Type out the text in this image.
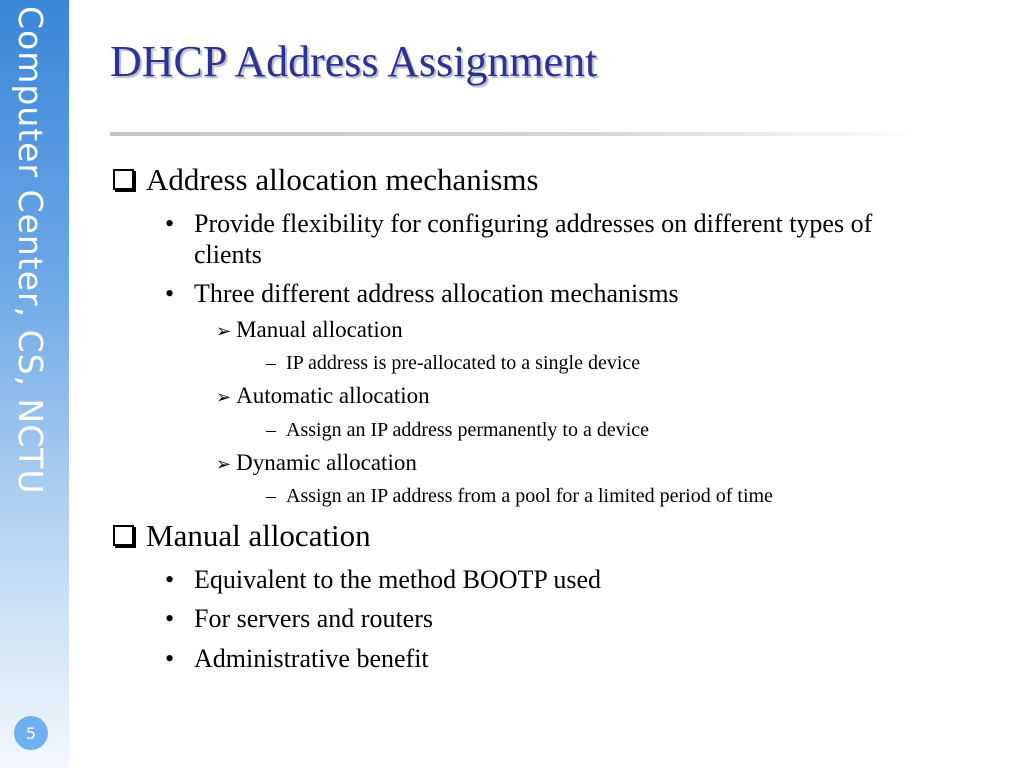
Computer Center, CS, NCTU
5
DHCP Address Assignment
Address allocation mechanisms
• Provide flexibility for configuring addresses on different types of clients
• Three different address allocation mechanisms
➢ Manual allocation
– IP address is pre-allocated to a single device
➢ Automatic allocation
– Assign an IP address permanently to a device
➢ Dynamic allocation
– Assign an IP address from a pool for a limited period of time
Manual allocation
• Equivalent to the method BOOTP used
• For servers and routers
• Administrative benefit
